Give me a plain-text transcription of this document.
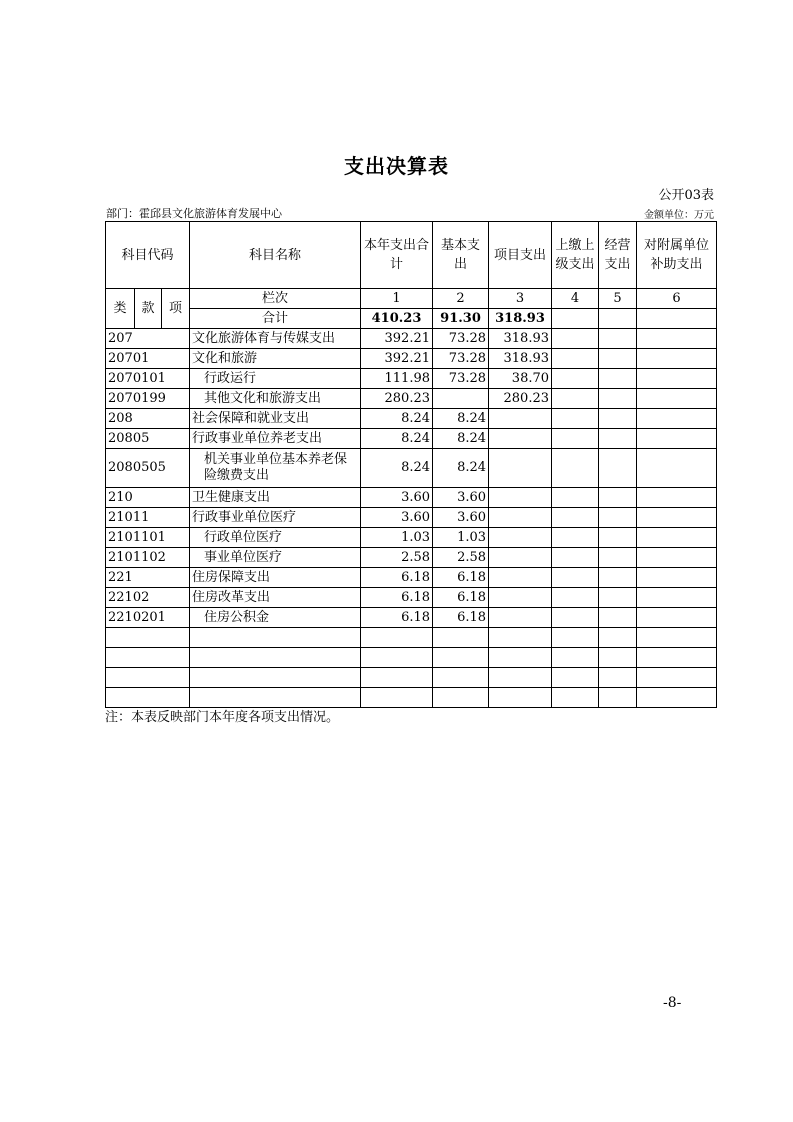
支出决算表
公开03表
部门：霍邱县文化旅游体育发展中心	金额单位：万元
科目代码			科目名称	本年支出合计	基本支出	项目支出	上缴上级支出	经营支出	对附属单位补助支出
类	款	项	栏次	1	2	3	4	5	6
			合计	410.23	91.30	318.93			
207			文化旅游体育与传媒支出	392.21	73.28	318.93			
20701			文化和旅游	392.21	73.28	318.93			
2070101			行政运行	111.98	73.28	38.70			
2070199			其他文化和旅游支出	280.23		280.23			
208			社会保障和就业支出	8.24	8.24				
20805			行政事业单位养老支出	8.24	8.24				
2080505			机关事业单位基本养老保险缴费支出	8.24	8.24				
210			卫生健康支出	3.60	3.60				
21011			行政事业单位医疗	3.60	3.60				
2101101			行政单位医疗	1.03	1.03				
2101102			事业单位医疗	2.58	2.58				
221			住房保障支出	6.18	6.18				
22102			住房改革支出	6.18	6.18				
2210201			住房公积金	6.18	6.18				

注：本表反映部门本年度各项支出情况。
-8-
